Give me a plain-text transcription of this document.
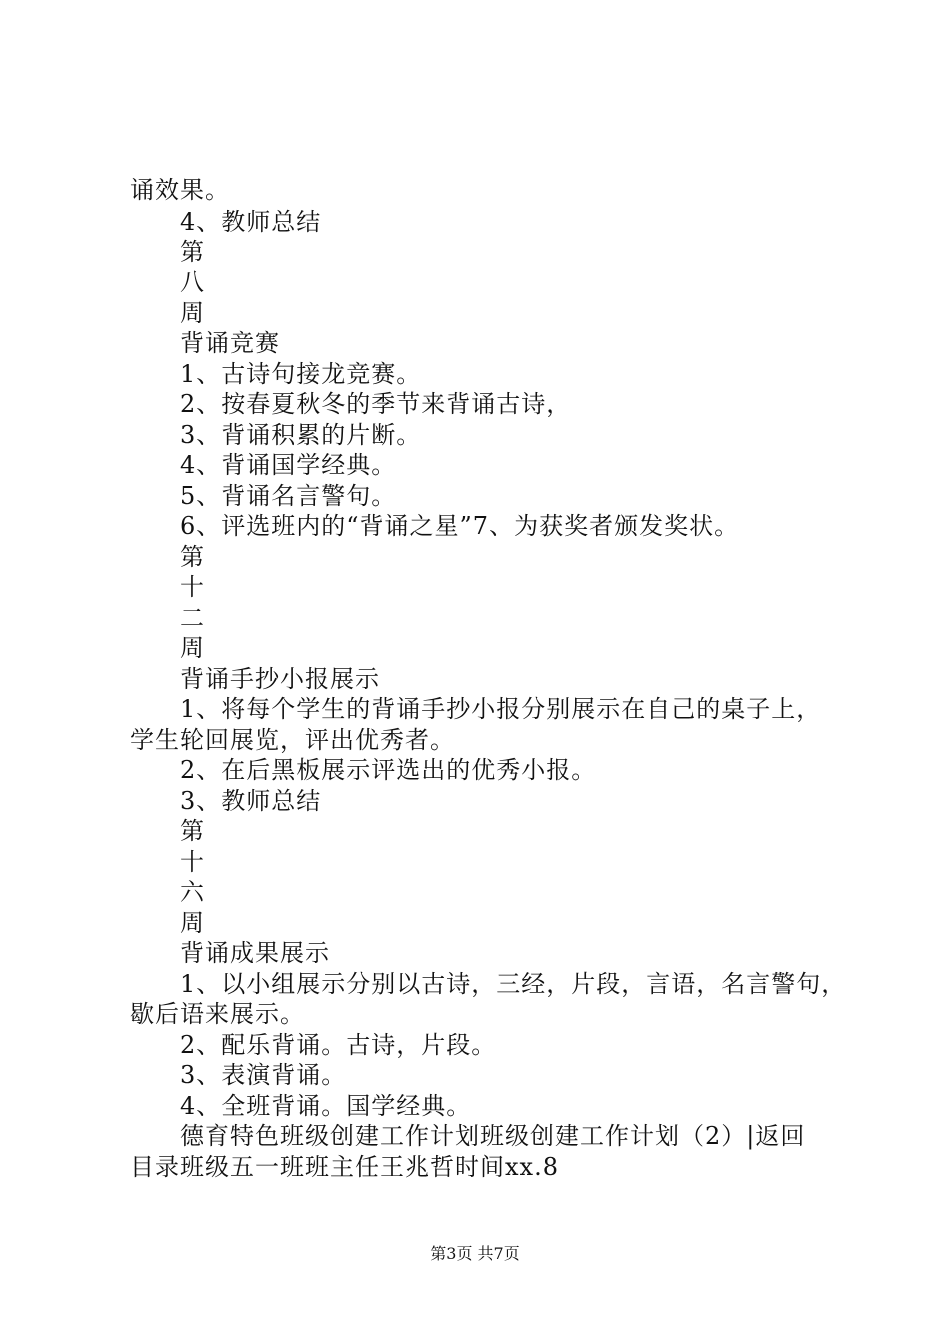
诵效果。
4、教师总结
第
八
周
背诵竞赛
1、古诗句接龙竞赛。
2、按春夏秋冬的季节来背诵古诗，
3、背诵积累的片断。
4、背诵国学经典。
5、背诵名言警句。
6、评选班内的“背诵之星”7、为获奖者颁发奖状。
第
十
二
周
背诵手抄小报展示
1、将每个学生的背诵手抄小报分别展示在自己的桌子上，
学生轮回展览，评出优秀者。
2、在后黑板展示评选出的优秀小报。
3、教师总结
第
十
六
周
背诵成果展示
1、以小组展示分别以古诗，三经，片段，言语，名言警句，
歇后语来展示。
2、配乐背诵。古诗，片段。
3、表演背诵。
4、全班背诵。国学经典。
德育特色班级创建工作计划班级创建工作计划（2）|返回
目录班级五一班班主任王兆哲时间xx.8
第3页 共7页
